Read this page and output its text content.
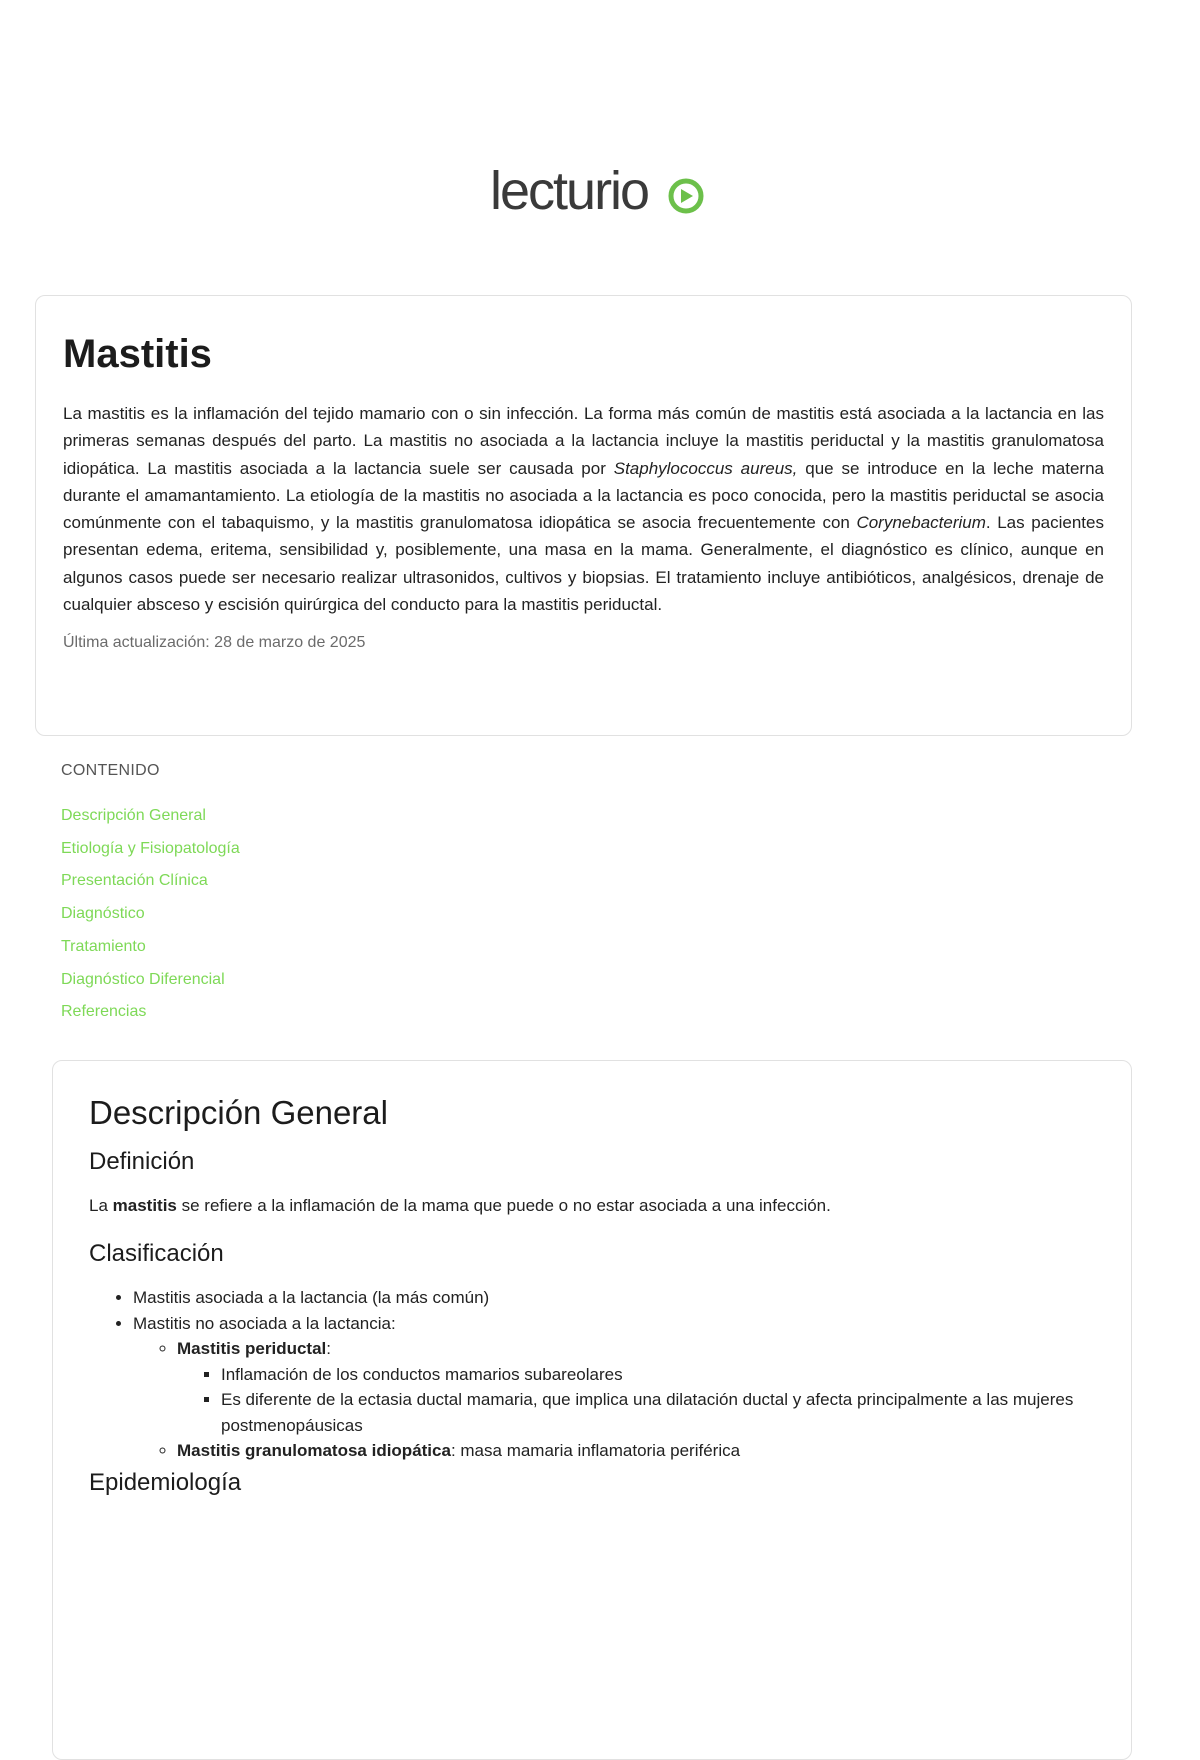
lecturio
Mastitis

La mastitis es la inflamación del tejido mamario con o sin infección. La forma más común de mastitis está asociada a la lactancia en las primeras semanas después del parto. La mastitis no asociada a la lactancia incluye la mastitis periductal y la mastitis granulomatosa idiopática. La mastitis asociada a la lactancia suele ser causada por Staphylococcus aureus, que se introduce en la leche materna durante el amamantamiento. La etiología de la mastitis no asociada a la lactancia es poco conocida, pero la mastitis periductal se asocia comúnmente con el tabaquismo, y la mastitis granulomatosa idiopática se asocia frecuentemente con Corynebacterium. Las pacientes presentan edema, eritema, sensibilidad y, posiblemente, una masa en la mama. Generalmente, el diagnóstico es clínico, aunque en algunos casos puede ser necesario realizar ultrasonidos, cultivos y biopsias. El tratamiento incluye antibióticos, analgésicos, drenaje de cualquier absceso y escisión quirúrgica del conducto para la mastitis periductal.

Última actualización: 28 de marzo de 2025

CONTENIDO
Descripción General
Etiología y Fisiopatología
Presentación Clínica
Diagnóstico
Tratamiento
Diagnóstico Diferencial
Referencias
Descripción General
Definición

La mastitis se refiere a la inflamación de la mama que puede o no estar asociada a una infección.

Clasificación
• Mastitis asociada a la lactancia (la más común)
• Mastitis no asociada a la lactancia:
◦ Mastitis periductal:
▪ Inflamación de los conductos mamarios subareolares
▪ Es diferente de la ectasia ductal mamaria, que implica una dilatación ductal y afecta principalmente a las mujeres postmenopáusicas
◦ Mastitis granulomatosa idiopática: masa mamaria inflamatoria periférica
Epidemiología
